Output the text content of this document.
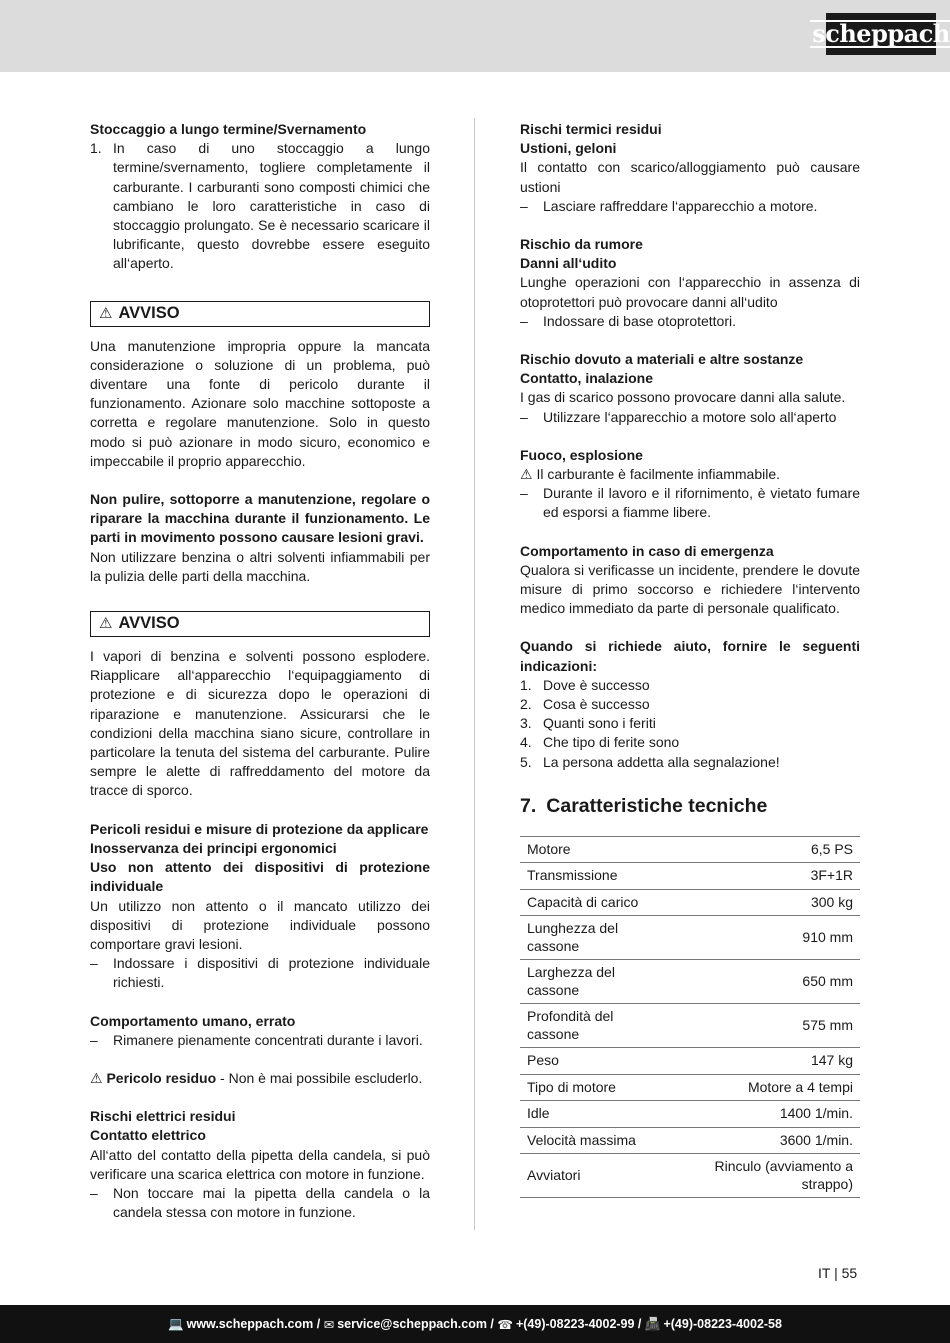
scheppach

Stoccaggio a lungo termine/Svernamento

1. In caso di uno stoccaggio a lungo termine/svernamento, togliere completamente il carburante. I carburanti sono composti chimici che cambiano le loro caratteristiche in caso di stoccaggio prolungato. Se è necessario scaricare il lubrificante, questo dovrebbe essere eseguito all‘aperto.
⚠ AVVISO

Una manutenzione impropria oppure la mancata considerazione o soluzione di un problema, può diventare una fonte di pericolo durante il funzionamento. Azionare solo macchine sottoposte a corretta e regolare manutenzione. Solo in questo modo si può azionare in modo sicuro, economico e impeccabile il proprio apparecchio.

Non pulire, sottoporre a manutenzione, regolare o riparare la macchina durante il funzionamento. Le parti in movimento possono causare lesioni gravi.

Non utilizzare benzina o altri solventi infiammabili per la pulizia delle parti della macchina.

⚠ AVVISO

I vapori di benzina e solventi possono esplodere. Riapplicare all‘apparecchio l‘equipaggiamento di protezione e di sicurezza dopo le operazioni di riparazione e manutenzione. Assicurarsi che le condizioni della macchina siano sicure, controllare in particolare la tenuta del sistema del carburante. Pulire sempre le alette di raffreddamento del motore da tracce di sporco.

Pericoli residui e misure di protezione da applicare

Inosservanza dei principi ergonomici

Uso non attento dei dispositivi di protezione individuale

Un utilizzo non attento o il mancato utilizzo dei dispositivi di protezione individuale possono comportare gravi lesioni.

– Indossare i dispositivi di protezione individuale richiesti.

Comportamento umano, errato

– Rimanere pienamente concentrati durante i lavori.

⚠ Pericolo residuo - Non è mai possibile escluderlo.

Rischi elettrici residui

Contatto elettrico

All‘atto del contatto della pipetta della candela, si può verificare una scarica elettrica con motore in funzione.

– Non toccare mai la pipetta della candela o la candela stessa con motore in funzione.

Rischi termici residui

Ustioni, geloni

Il contatto con scarico/alloggiamento può causare ustioni

– Lasciare raffreddare l‘apparecchio a motore.

Rischio da rumore

Danni all‘udito

Lunghe operazioni con l‘apparecchio in assenza di otoprotettori può provocare danni all‘udito

– Indossare di base otoprotettori.

Rischio dovuto a materiali e altre sostanze

Contatto, inalazione

I gas di scarico possono provocare danni alla salute.

– Utilizzare l‘apparecchio a motore solo all‘aperto

Fuoco, esplosione

⚠ Il carburante è facilmente infiammabile.

– Durante il lavoro e il rifornimento, è vietato fumare ed esporsi a fiamme libere.

Comportamento in caso di emergenza

Qualora si verificasse un incidente, prendere le dovute misure di primo soccorso e richiedere l‘intervento medico immediato da parte di personale qualificato.

Quando si richiede aiuto, fornire le seguenti indicazioni:

1. Dove è successo
2. Cosa è successo
3. Quanti sono i feriti
4. Che tipo di ferite sono
5. La persona addetta alla segnalazione!
7. Caratteristiche tecniche
Motore	6,5 PS
Transmissione	3F+1R
Capacità di carico	300 kg
Lunghezza del cassone	910 mm
Larghezza del cassone	650 mm
Profondità del cassone	575 mm
Peso	147 kg
Tipo di motore	Motore a 4 tempi
Idle	1400 1/min.
Velocità massima	3600 1/min.
Avviatori	Rinculo (avviamento a strappo)
IT | 55
💻 www.scheppach.com /
✉ service@scheppach.com /
☎ +(49)-08223-4002-99 /
📠 +(49)-08223-4002-58
